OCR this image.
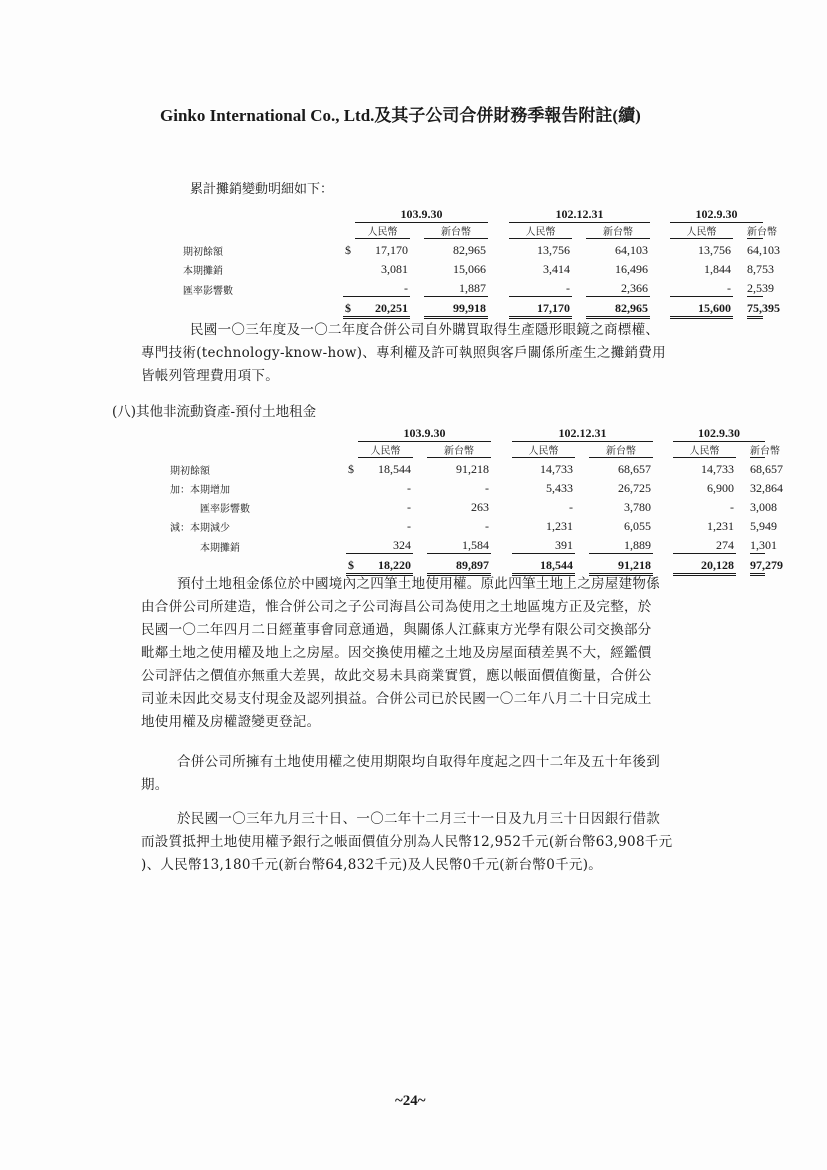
Ginko International Co., Ltd.及其子公司合併財務季報告附註(續)
累計攤銷變動明細如下：
		103.9.30				102.12.31				102.9.30			
		人民幣		新台幣		人民幣		新台幣		人民幣		新台幣	
期初餘額	$	17,170		82,965		13,756		64,103		13,756		64,103	
本期攤銷		3,081		15,066		3,414		16,496		1,844		8,753	
匯率影響數		-		1,887		-		2,366		-		2,539	
	$	20,251		99,918		17,170		82,965		15,600		75,395	
民國一〇三年度及一〇二年度合併公司自外購買取得生產隱形眼鏡之商標權、
專門技術(technology-know-how)、專利權及許可執照與客戶關係所產生之攤銷費用
皆帳列管理費用項下。
(八)其他非流動資產-預付土地租金
		103.9.30				102.12.31				102.9.30			
		人民幣		新台幣		人民幣		新台幣		人民幣		新台幣	
期初餘額	$	18,544		91,218		14,733		68,657		14,733		68,657	
加：本期增加		-		-		5,433		26,725		6,900		32,864	
匯率影響數		-		263		-		3,780		-		3,008	
減：本期減少		-		-		1,231		6,055		1,231		5,949	
本期攤銷		324		1,584		391		1,889		274		1,301	
	$	18,220		89,897		18,544		91,218		20,128		97,279	
預付土地租金係位於中國境內之四筆土地使用權。原此四筆土地上之房屋建物係
由合併公司所建造，惟合併公司之子公司海昌公司為使用之土地區塊方正及完整，於
民國一〇二年四月二日經董事會同意通過，與關係人江蘇東方光學有限公司交換部分
毗鄰土地之使用權及地上之房屋。因交換使用權之土地及房屋面積差異不大，經鑑價
公司評估之價值亦無重大差異，故此交易未具商業實質，應以帳面價值衡量，合併公
司並未因此交易支付現金及認列損益。合併公司已於民國一〇二年八月二十日完成土
地使用權及房權證變更登記。
合併公司所擁有土地使用權之使用期限均自取得年度起之四十二年及五十年後到
期。
於民國一〇三年九月三十日、一〇二年十二月三十一日及九月三十日因銀行借款
而設質抵押土地使用權予銀行之帳面價值分別為人民幣12,952千元(新台幣63,908千元
)、人民幣13,180千元(新台幣64,832千元)及人民幣0千元(新台幣0千元)。
~24~
